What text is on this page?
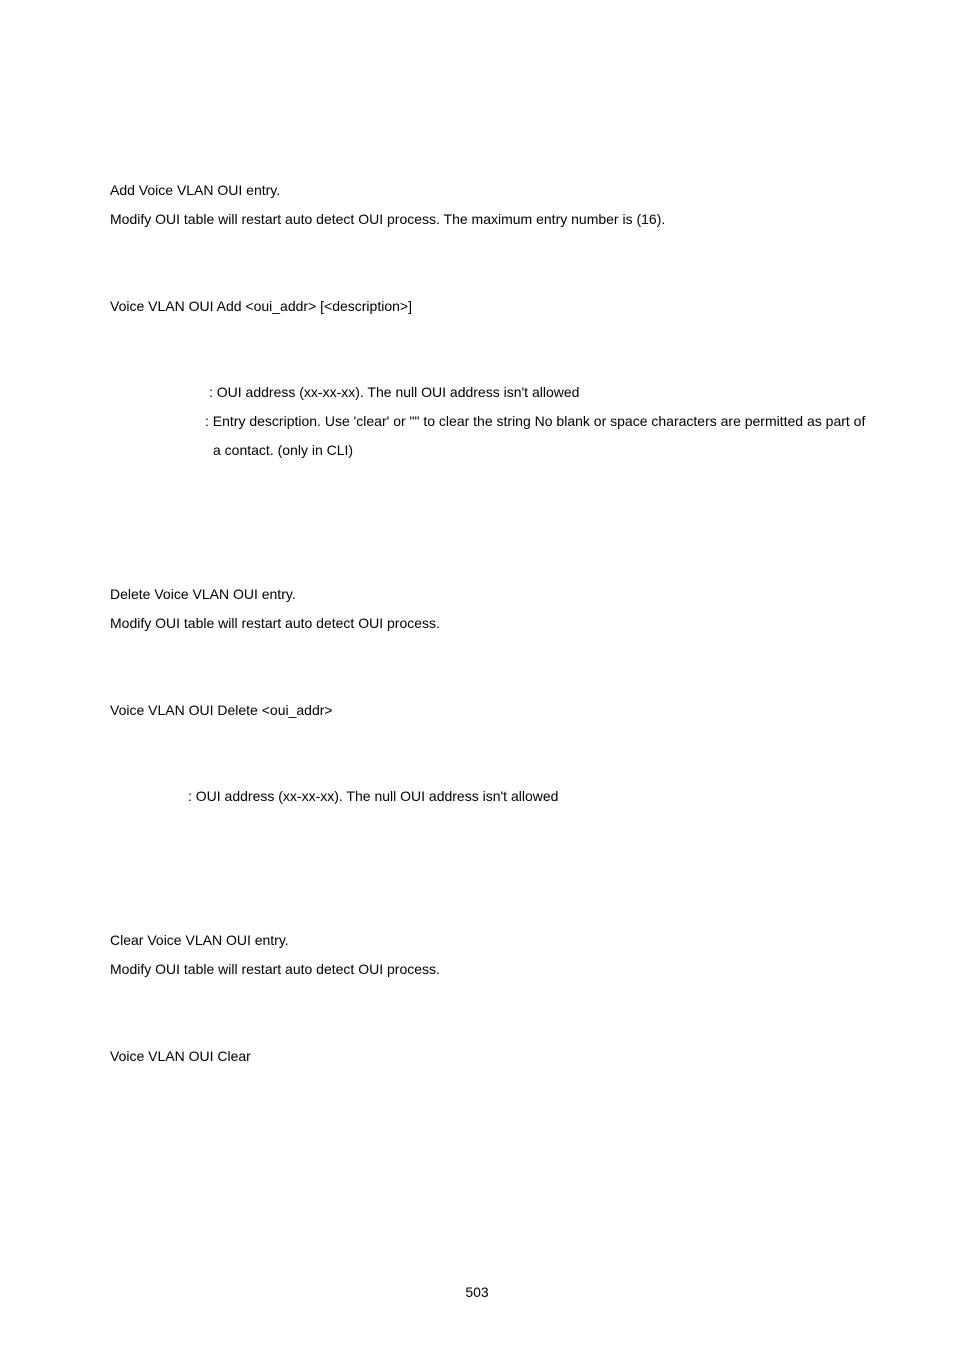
Add Voice VLAN OUI entry.

Modify OUI table will restart auto detect OUI process. The maximum entry number is (16).

Voice VLAN OUI Add <oui_addr> [<description>]

: OUI address (xx-xx-xx). The null OUI address isn't allowed

: Entry description. Use 'clear' or "" to clear the string No blank or space characters are permitted as part of

a contact. (only in CLI)

Delete Voice VLAN OUI entry.

Modify OUI table will restart auto detect OUI process.

Voice VLAN OUI Delete <oui_addr>

: OUI address (xx-xx-xx). The null OUI address isn't allowed

Clear Voice VLAN OUI entry.

Modify OUI table will restart auto detect OUI process.

Voice VLAN OUI Clear

503
